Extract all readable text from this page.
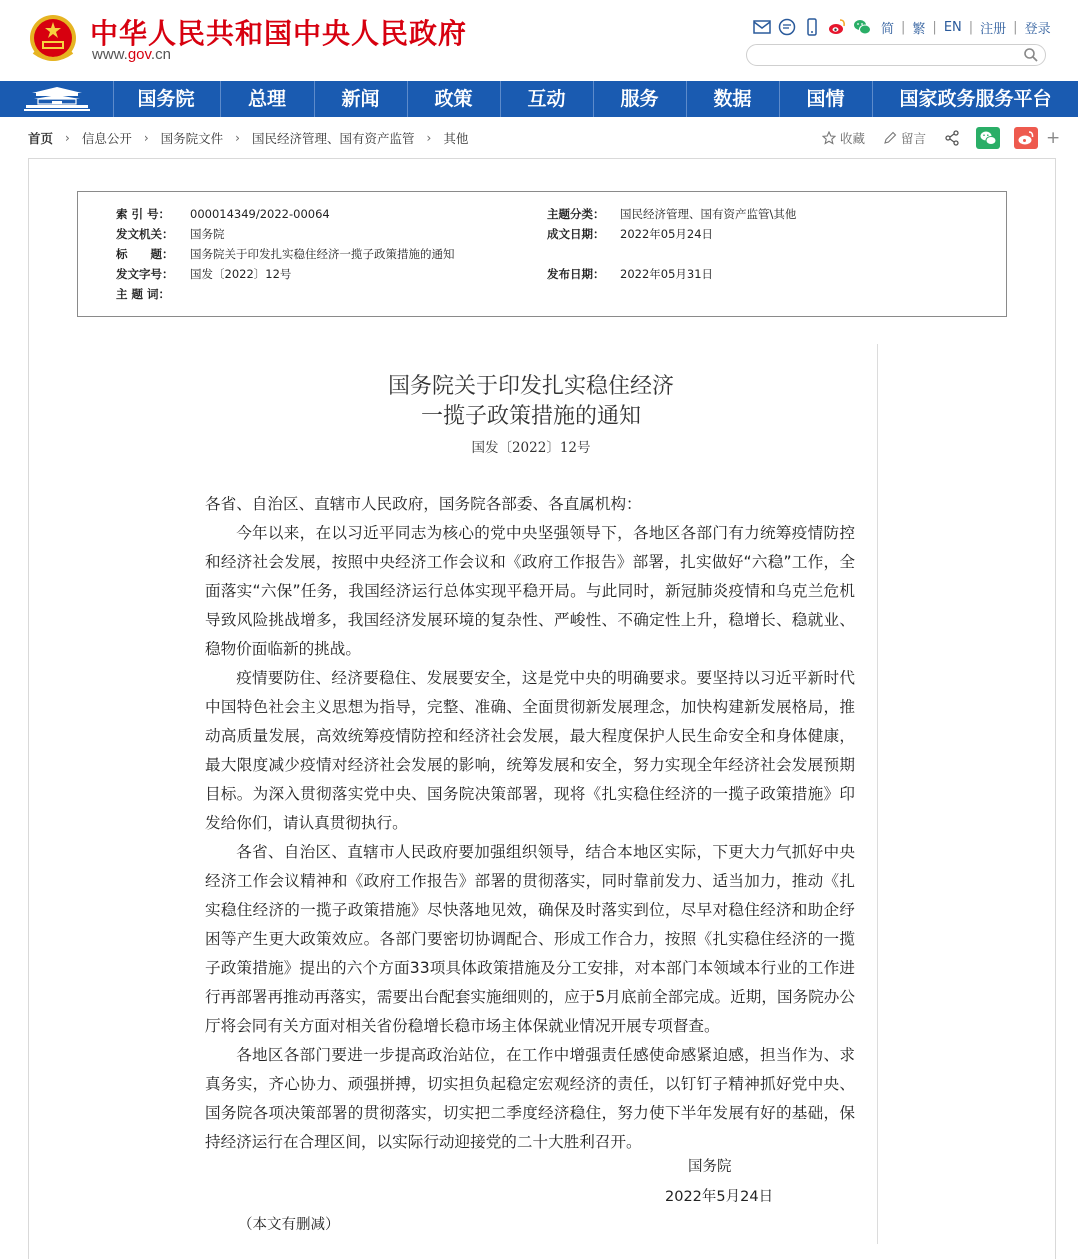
中华人民共和国中央人民政府
www.gov.cn
简 | 繁 | EN | 注册 | 登录
国务院	总理	新闻	政策	互动	服务	数据	国情	国家政务服务平台
首页 › 信息公开 › 国务院文件 › 国民经济管理、国有资产监管 › 其他	收藏	留言	+
索 引 号： 000014349/2022-00064	主题分类： 国民经济管理、国有资产监管\其他
发文机关： 国务院	成文日期： 2022年05月24日
标　　题： 国务院关于印发扎实稳住经济一揽子政策措施的通知
发文字号： 国发〔2022〕12号	发布日期： 2022年05月31日
主 题 词：
国务院关于印发扎实稳住经济
一揽子政策措施的通知
国发〔2022〕12号

各省、自治区、直辖市人民政府，国务院各部委、各直属机构：

今年以来，在以习近平同志为核心的党中央坚强领导下，各地区各部门有力统筹疫情防控和经济社会发展，按照中央经济工作会议和《政府工作报告》部署，扎实做好“六稳”工作，全面落实“六保”任务，我国经济运行总体实现平稳开局。与此同时，新冠肺炎疫情和乌克兰危机导致风险挑战增多，我国经济发展环境的复杂性、严峻性、不确定性上升，稳增长、稳就业、稳物价面临新的挑战。

疫情要防住、经济要稳住、发展要安全，这是党中央的明确要求。要坚持以习近平新时代中国特色社会主义思想为指导，完整、准确、全面贯彻新发展理念，加快构建新发展格局，推动高质量发展，高效统筹疫情防控和经济社会发展，最大程度保护人民生命安全和身体健康，最大限度减少疫情对经济社会发展的影响，统筹发展和安全，努力实现全年经济社会发展预期目标。为深入贯彻落实党中央、国务院决策部署，现将《扎实稳住经济的一揽子政策措施》印发给你们，请认真贯彻执行。

各省、自治区、直辖市人民政府要加强组织领导，结合本地区实际，下更大力气抓好中央经济工作会议精神和《政府工作报告》部署的贯彻落实，同时靠前发力、适当加力，推动《扎实稳住经济的一揽子政策措施》尽快落地见效，确保及时落实到位，尽早对稳住经济和助企纾困等产生更大政策效应。各部门要密切协调配合、形成工作合力，按照《扎实稳住经济的一揽子政策措施》提出的六个方面33项具体政策措施及分工安排，对本部门本领域本行业的工作进行再部署再推动再落实，需要出台配套实施细则的，应于5月底前全部完成。近期，国务院办公厅将会同有关方面对相关省份稳增长稳市场主体保就业情况开展专项督查。

各地区各部门要进一步提高政治站位，在工作中增强责任感使命感紧迫感，担当作为、求真务实，齐心协力、顽强拼搏，切实担负起稳定宏观经济的责任，以钉钉子精神抓好党中央、国务院各项决策部署的贯彻落实，切实把二季度经济稳住，努力使下半年发展有好的基础，保持经济运行在合理区间，以实际行动迎接党的二十大胜利召开。

国务院
2022年5月24日
（本文有删减）
